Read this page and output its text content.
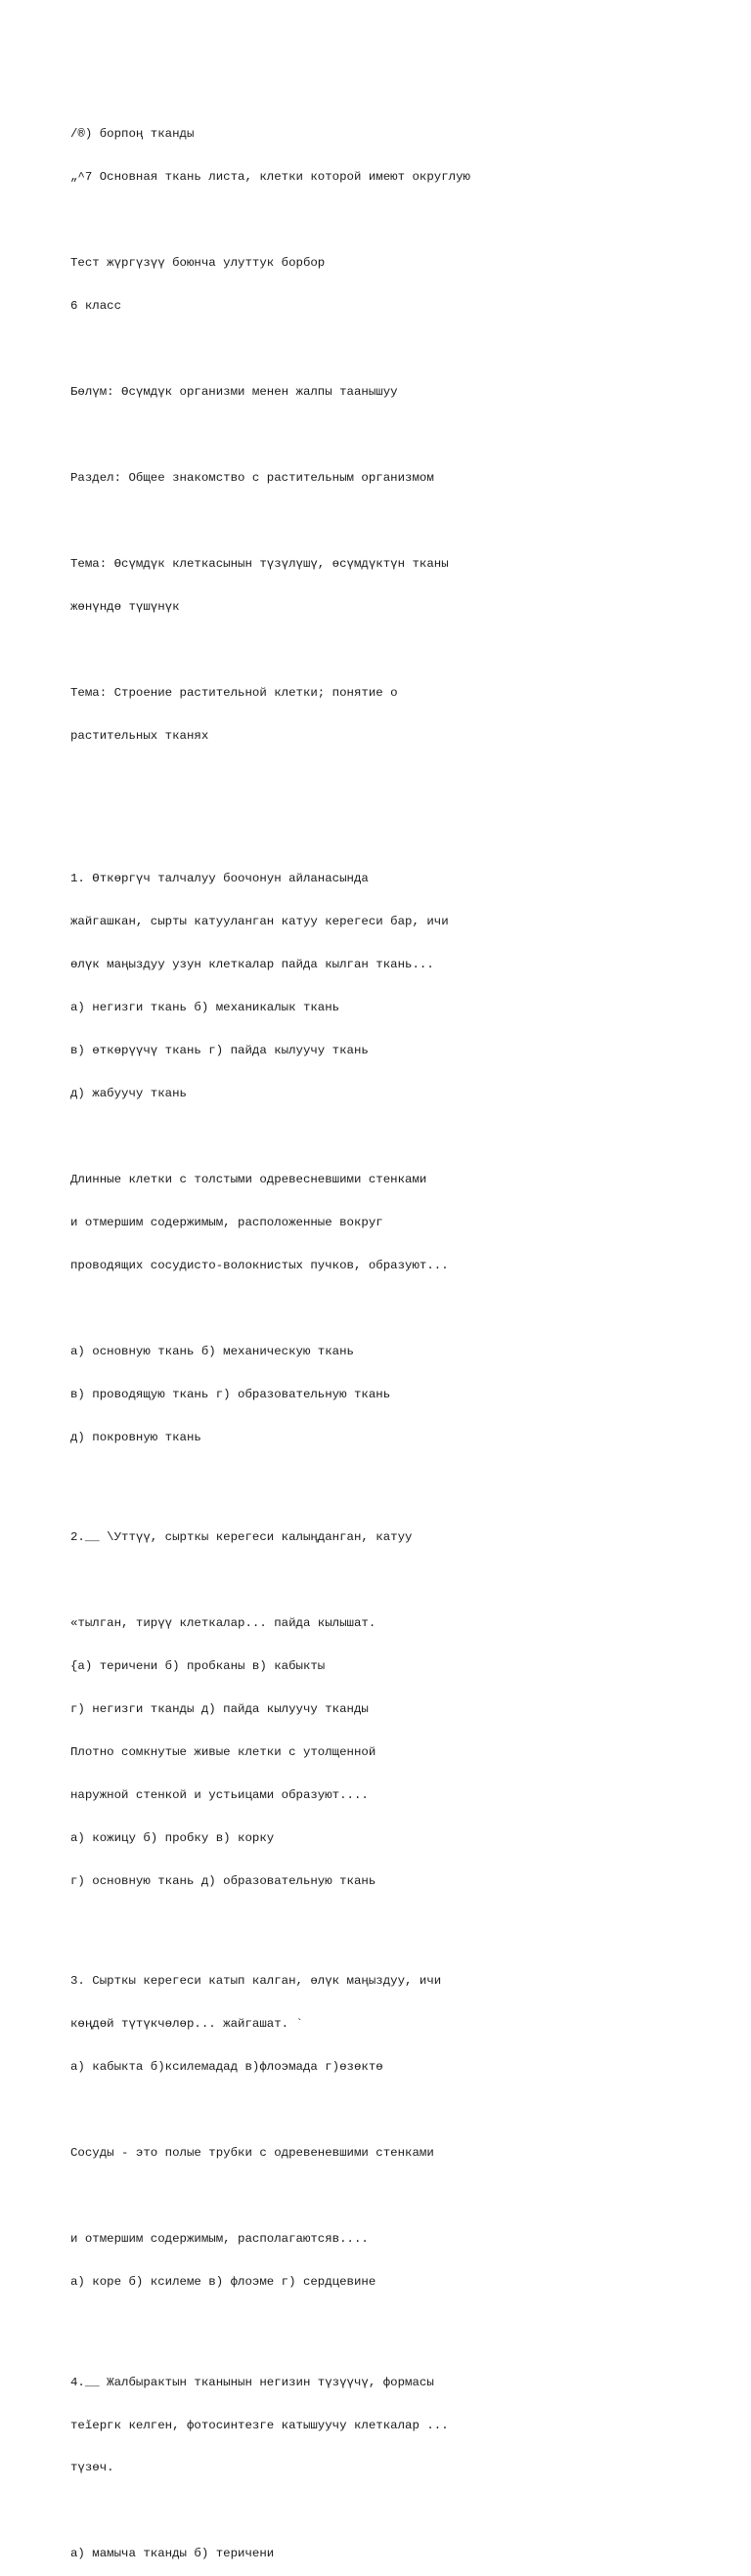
/®) борпоң тканды

„^7 Основная ткань листа, клетки которой имеют округлую

Тест жүргүзүү боюнча улуттук борбор

6 класс

Бөлүм: Өсүмдүк организми менен жалпы таанышуу

Раздел: Общее знакомство с растительным организмом

Тема: Өсүмдүк клеткасынын түзүлүшү, өсүмдүктүн тканы

жөнүндө түшүнүк

Тема: Строение растительной клетки; понятие о

растительных тканях

1. Өткөргүч талчалуу боочонун айланасында

жайгашкан, сырты катууланган катуу керегеси бар, ичи

өлүк маңыздуу узун клеткалар пайда кылган ткань...

а) негизги ткань б) механикалык ткань

в) өткөрүүчү ткань г) пайда кылуучу ткань

д) жабуучу ткань

Длинные клетки с толстыми одревесневшими стенками

и отмершим содержимым, расположенные вокруг

проводящих сосудисто-волокнистых пучков, образуют...

а) основную ткань б) механическую ткань

в) проводящую ткань г) образовательную ткань

д) покровную ткань

2.__ \Уттүү, сырткы керегеси калыңданган, катуу

«тылган, тирүү клеткалар... пайда кылышат.

{а) теричени б) пробканы в) кабыкты

г) негизги тканды д) пайда кылуучу тканды

Плотно сомкнутые живые клетки с утолщенной

наружной стенкой и устьицами образуют....

а) кожицу б) пробку в) корку

г) основную ткань д) образовательную ткань

3. Сырткы керегеси катып калган, өлүк маңыздуу, ичи

көңдөй түтүкчөлөр... жайгашат. `

а) кабыкта б)ксилемадад в)флоэмада г)өзөктө

Сосуды - это полые трубки с одревеневшими стенками

и отмершим содержимым, располагаютсяв....

а) коре б) ксилеме в) флоэме г) сердцевине

4.__ Жалбырактын тканынын негизин түзүүчү, формасы

теĭергк келген, фотосинтезге катышуучу клеткалар ...

түзөч.

а) мамыча тканды б) теричени
